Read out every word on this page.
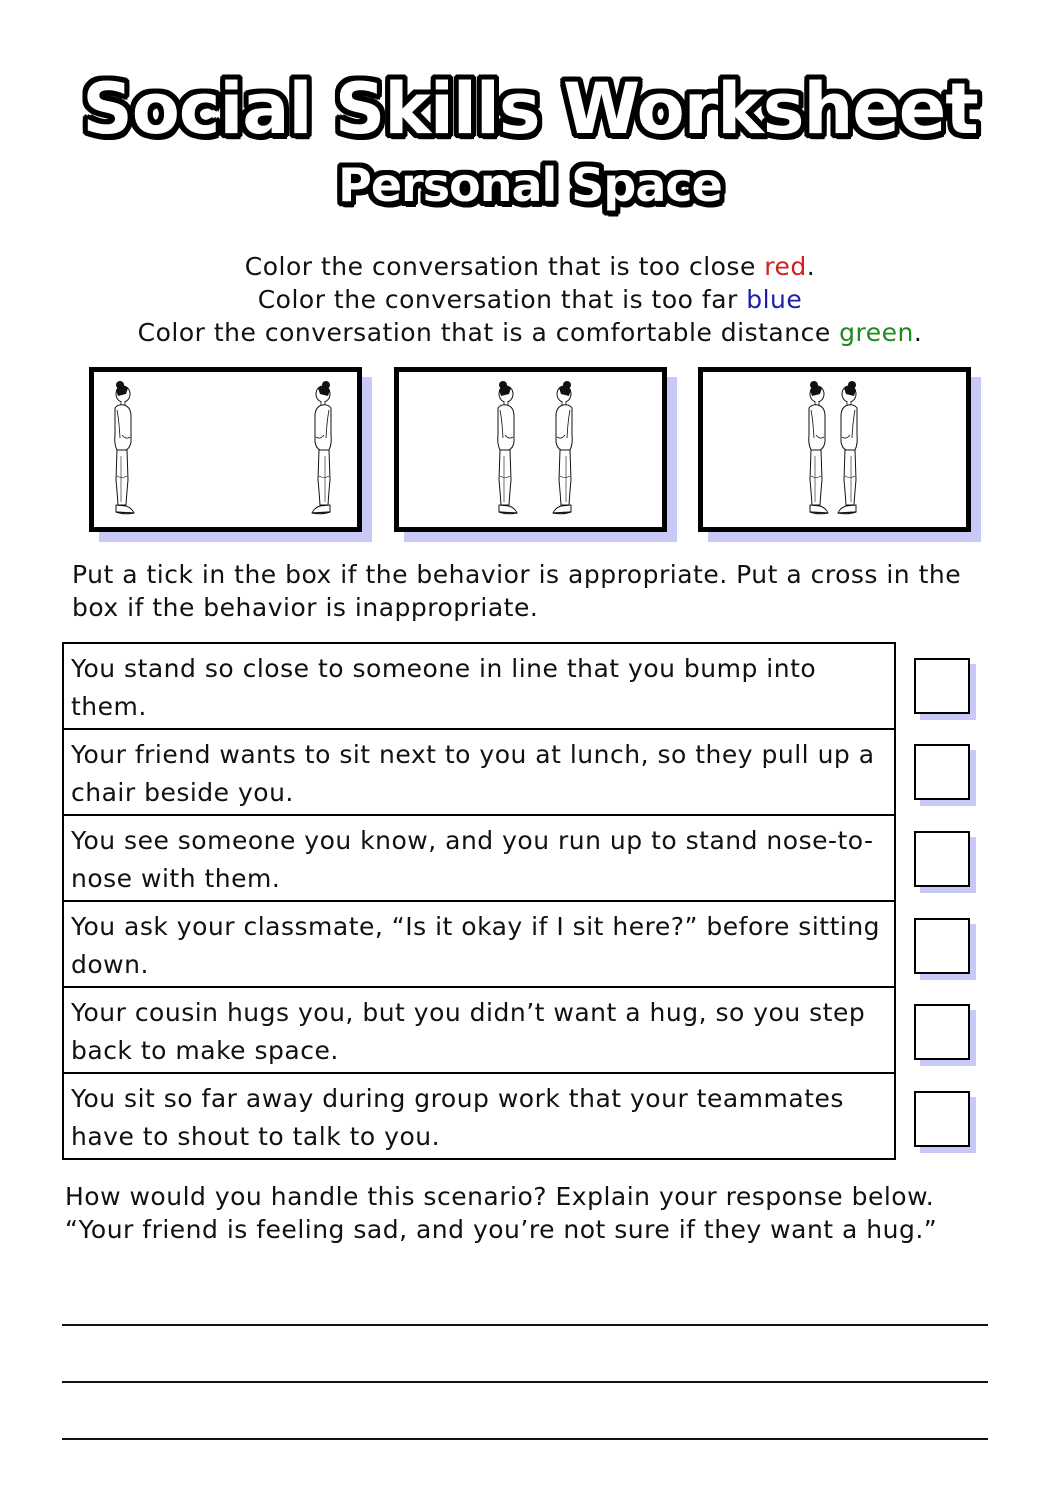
Social Skills Worksheet
Personal Space
Color the conversation that is too close red.
Color the conversation that is too far blue
Color the conversation that is a comfortable distance green.
Put a tick in the box if the behavior is appropriate. Put a cross in the box if the behavior is inappropriate.
You stand so close to someone in line that you bump into them.
Your friend wants to sit next to you at lunch, so they pull up a chair beside you.
You see someone you know, and you run up to stand nose-to-nose with them.
You ask your classmate, “Is it okay if I sit here?” before sitting down.
Your cousin hugs you, but you didn’t want a hug, so you step back to make space.
You sit so far away during group work that your teammates have to shout to talk to you.
How would you handle this scenario? Explain your response below.
“Your friend is feeling sad, and you’re not sure if they want a hug.”
